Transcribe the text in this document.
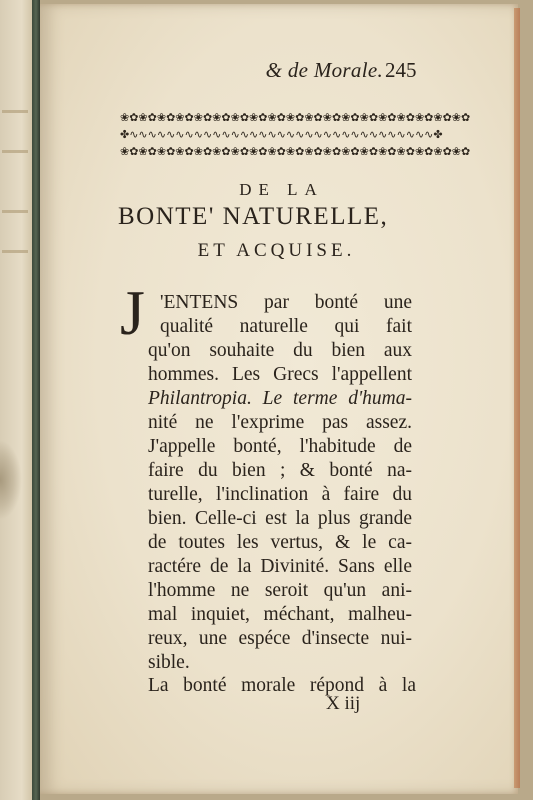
& de Morale. 245
❀✿❀✿❀✿❀✿❀✿❀✿❀✿❀✿❀✿❀✿❀✿❀✿❀✿❀✿❀✿❀✿❀✿❀✿❀✿
✤∿∿∿∿∿∿∿∿∿∿∿∿∿∿∿∿∿∿∿∿∿∿∿∿∿∿∿∿∿∿∿∿∿✤
❀✿❀✿❀✿❀✿❀✿❀✿❀✿❀✿❀✿❀✿❀✿❀✿❀✿❀✿❀✿❀✿❀✿❀✿❀✿
DE LA
BONTE' NATURELLE,
ET ACQUISE.
J 'ENTENS par bonté une
qualité naturelle qui fait
qu'on souhaite du bien aux
hommes. Les Grecs l'appellent
Philantropia. Le terme d'huma-
nité ne l'exprime pas assez.
J'appelle bonté, l'habitude de
faire du bien ; & bonté na-
turelle, l'inclination à faire du
bien. Celle-ci est la plus grande
de toutes les vertus, & le ca-
ractére de la Divinité. Sans elle
l'homme ne seroit qu'un ani-
mal inquiet, méchant, malheu-
reux, une espéce d'insecte nui-
sible.
La bonté morale répond à la
X iij
